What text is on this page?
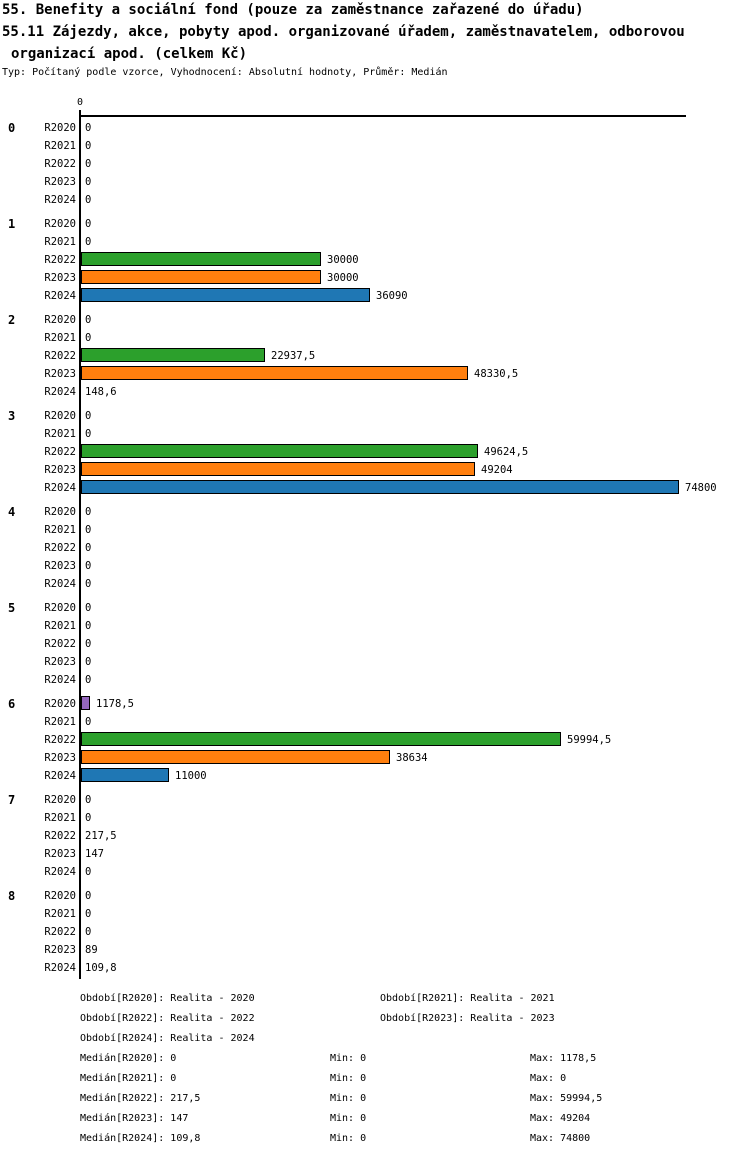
55. Benefity a sociální fond (pouze za zaměstnance zařazené do úřadu)
55.11 Zájezdy, akce, pobyty apod. organizované úřadem, zaměstnavatelem, odborovou
organizací apod. (celkem Kč)
Typ: Počítaný podle vzorce, Vyhodnocení: Absolutní hodnoty, Průměr: Medián
0
0	R2020 0
R2021 0
R2022 0
R2023 0
R2024 0
1	R2020 0
R2021 0
R2022	30000
R2023	30000
R2024	36090
2	R2020 0
R2021 0
R2022	22937,5
R2023	48330,5
R2024 148,6
3	R2020 0
R2021 0
R2022	49624,5
R2023	49204
R2024	74800
4	R2020 0
R2021 0
R2022 0
R2023 0
R2024 0
5	R2020 0
R2021 0
R2022 0
R2023 0
R2024 0
6	R2020 1178,5
R2021 0
R2022	59994,5
R2023	38634
R2024	11000
7	R2020 0
R2021 0
R2022 217,5
R2023 147
R2024 0
8	R2020 0
R2021 0
R2022 0
R2023 89
R2024 109,8
Období[R2020]: Realita - 2020	Období[R2021]: Realita - 2021
Období[R2022]: Realita - 2022	Období[R2023]: Realita - 2023
Období[R2024]: Realita - 2024
Medián[R2020]: 0	Min: 0	Max: 1178,5
Medián[R2021]: 0	Min: 0	Max: 0
Medián[R2022]: 217,5	Min: 0	Max: 59994,5
Medián[R2023]: 147	Min: 0	Max: 49204
Medián[R2024]: 109,8	Min: 0	Max: 74800
